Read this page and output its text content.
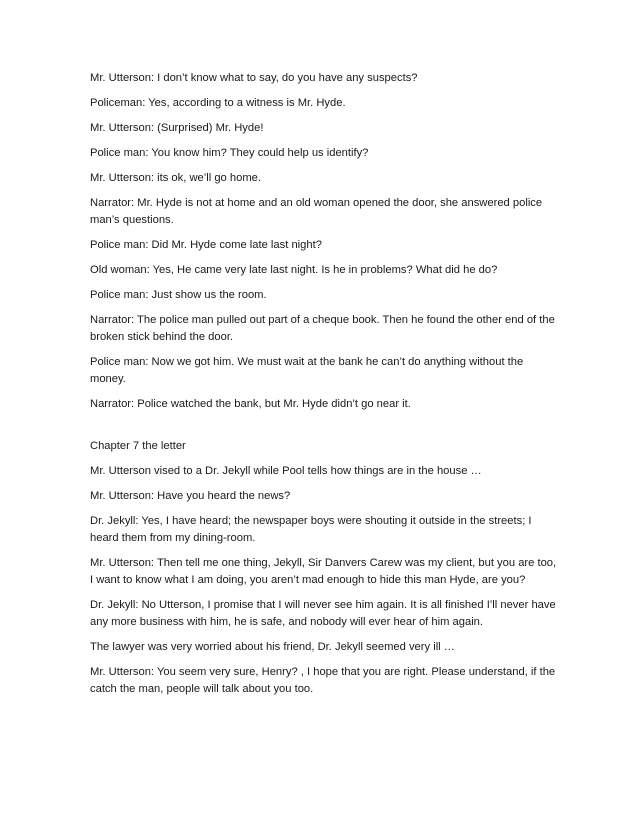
Mr. Utterson: I don’t know what to say, do you have any suspects?

Policeman: Yes, according to a witness is Mr. Hyde.

Mr. Utterson: (Surprised) Mr. Hyde!

Police man: You know him? They could help us identify?

Mr. Utterson: its ok, we’ll go home.

Narrator: Mr. Hyde is not at home and an old woman opened the door, she answered police man’s questions.

Police man: Did Mr. Hyde come late last night?

Old woman: Yes, He came very late last night. Is he in problems? What did he do?

Police man: Just show us the room.

Narrator: The police man pulled out part of a cheque book. Then he found the other end of the broken stick behind the door.

Police man: Now we got him. We must wait at the bank he can’t do anything without the money.

Narrator: Police watched the bank, but Mr. Hyde didn’t go near it.

Chapter 7 the letter

Mr. Utterson vised to a Dr. Jekyll while Pool tells how things are in the house …

Mr. Utterson: Have you heard the news?

Dr. Jekyll: Yes, I have heard; the newspaper boys were shouting it outside in the streets; I heard them from my dining-room.

Mr. Utterson: Then tell me one thing, Jekyll, Sir Danvers Carew was my client, but you are too, I want to know what I am doing, you aren’t mad enough to hide this man Hyde, are you?

Dr. Jekyll: No Utterson, I promise that I will never see him again. It is all finished I’ll never have any more business with him, he is safe, and nobody will ever hear of him again.

The lawyer was very worried about his friend, Dr. Jekyll seemed very ill …

Mr. Utterson: You seem very sure, Henry? , I hope that you are right. Please understand, if the catch the man, people will talk about you too.
